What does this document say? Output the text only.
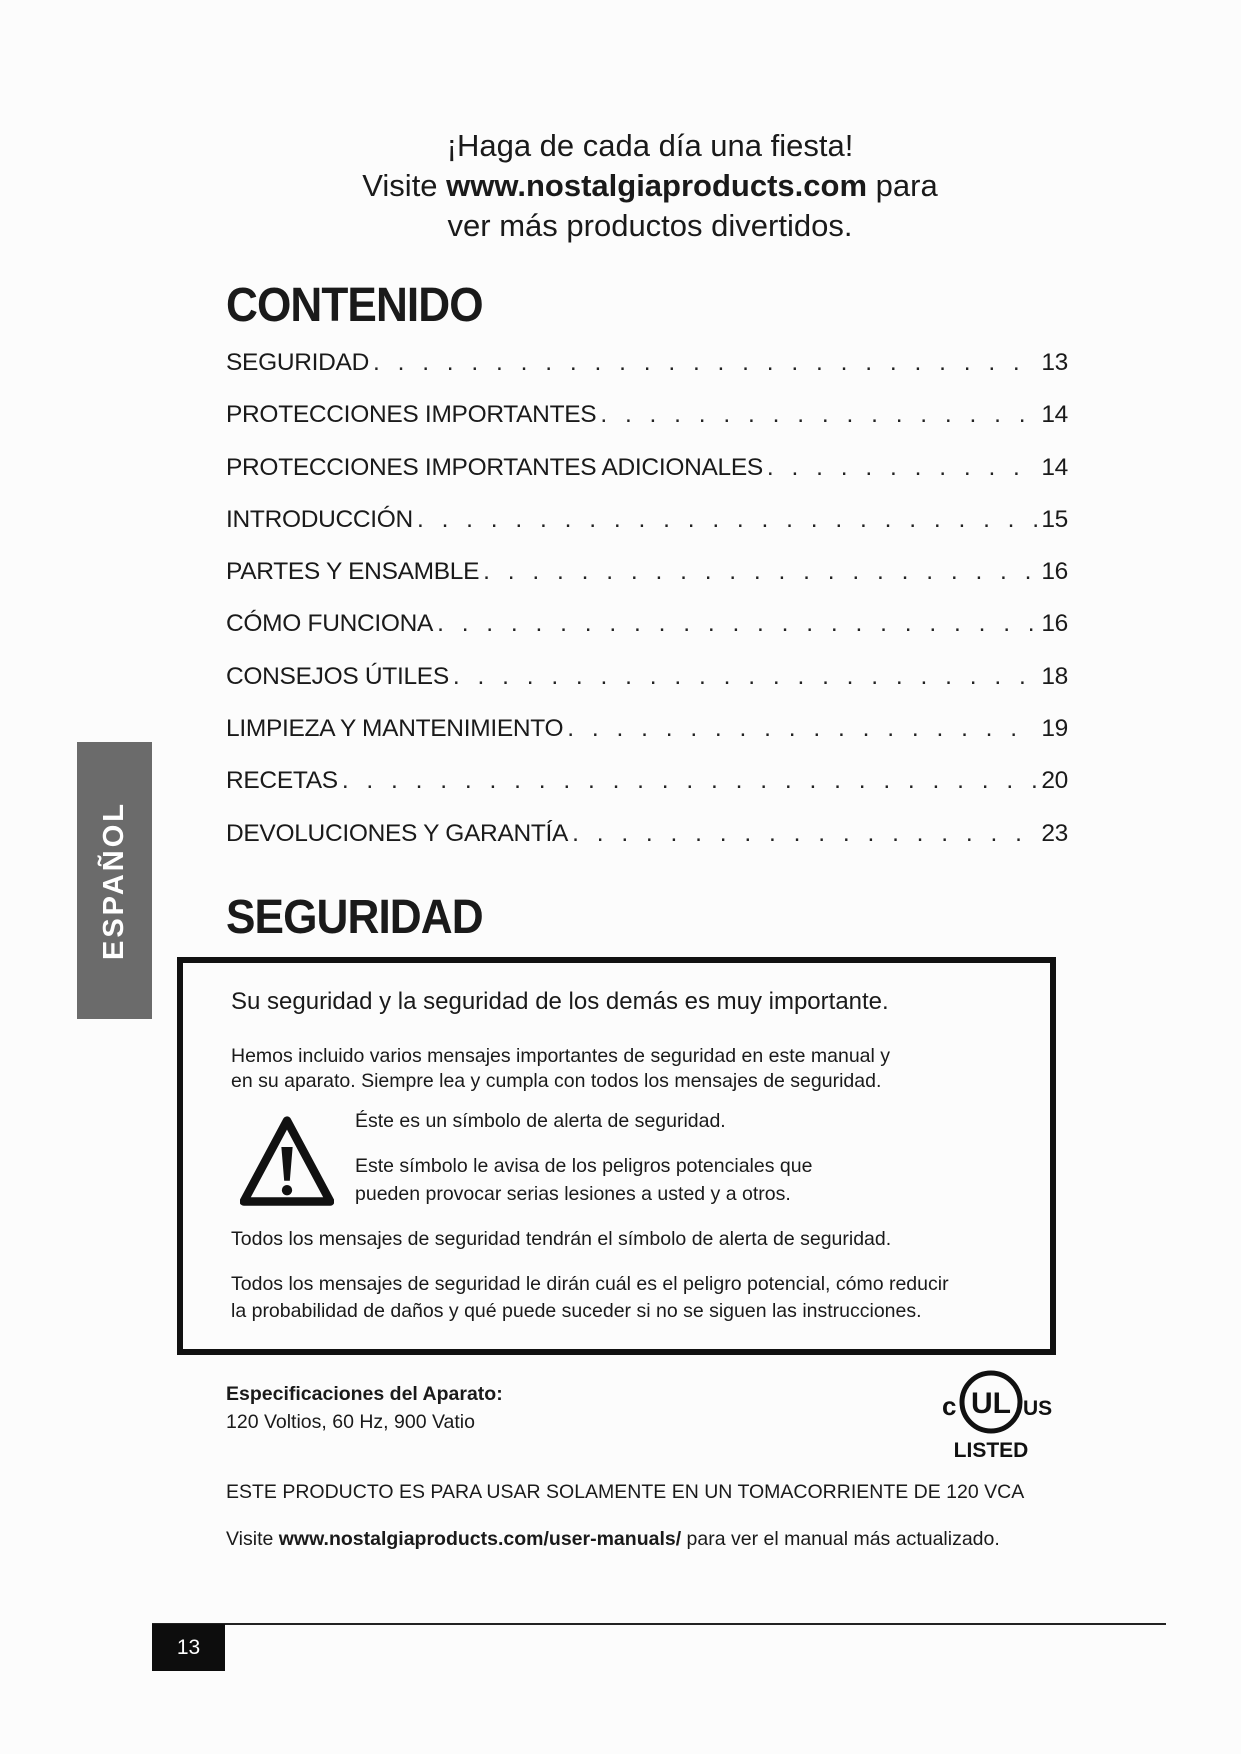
¡Haga de cada día una fiesta!
Visite www.nostalgiaproducts.com para
ver más productos divertidos.
CONTENIDO
SEGURIDAD . . .	13
PROTECCIONES IMPORTANTES . . .	14
PROTECCIONES IMPORTANTES ADICIONALES . . .	14
INTRODUCCIÓN . . .	15
PARTES Y ENSAMBLE . . .	16
CÓMO FUNCIONA . . .	16
CONSEJOS ÚTILES . . .	18
LIMPIEZA Y MANTENIMIENTO . . .	19
RECETAS . . .	20
DEVOLUCIONES Y GARANTÍA . . .	23
ESPAÑOL SEGURIDAD
Su seguridad y la seguridad de los demás es muy importante.
Hemos incluido varios mensajes importantes de seguridad en este manual y
en su aparato. Siempre lea y cumpla con todos los mensajes de seguridad.
Éste es un símbolo de alerta de seguridad.
Este símbolo le avisa de los peligros potenciales que
pueden provocar serias lesiones a usted y a otros.
Todos los mensajes de seguridad tendrán el símbolo de alerta de seguridad.
Todos los mensajes de seguridad le dirán cuál es el peligro potencial, cómo reducir
la probabilidad de daños y qué puede suceder si no se siguen las instrucciones.
Especificaciones del Aparato:
120 Voltios, 60 Hz, 900 Vatio
c UL US
LISTED
ESTE PRODUCTO ES PARA USAR SOLAMENTE EN UN TOMACORRIENTE DE 120 VCA
Visite www.nostalgiaproducts.com/user-manuals/ para ver el manual más actualizado.
13
